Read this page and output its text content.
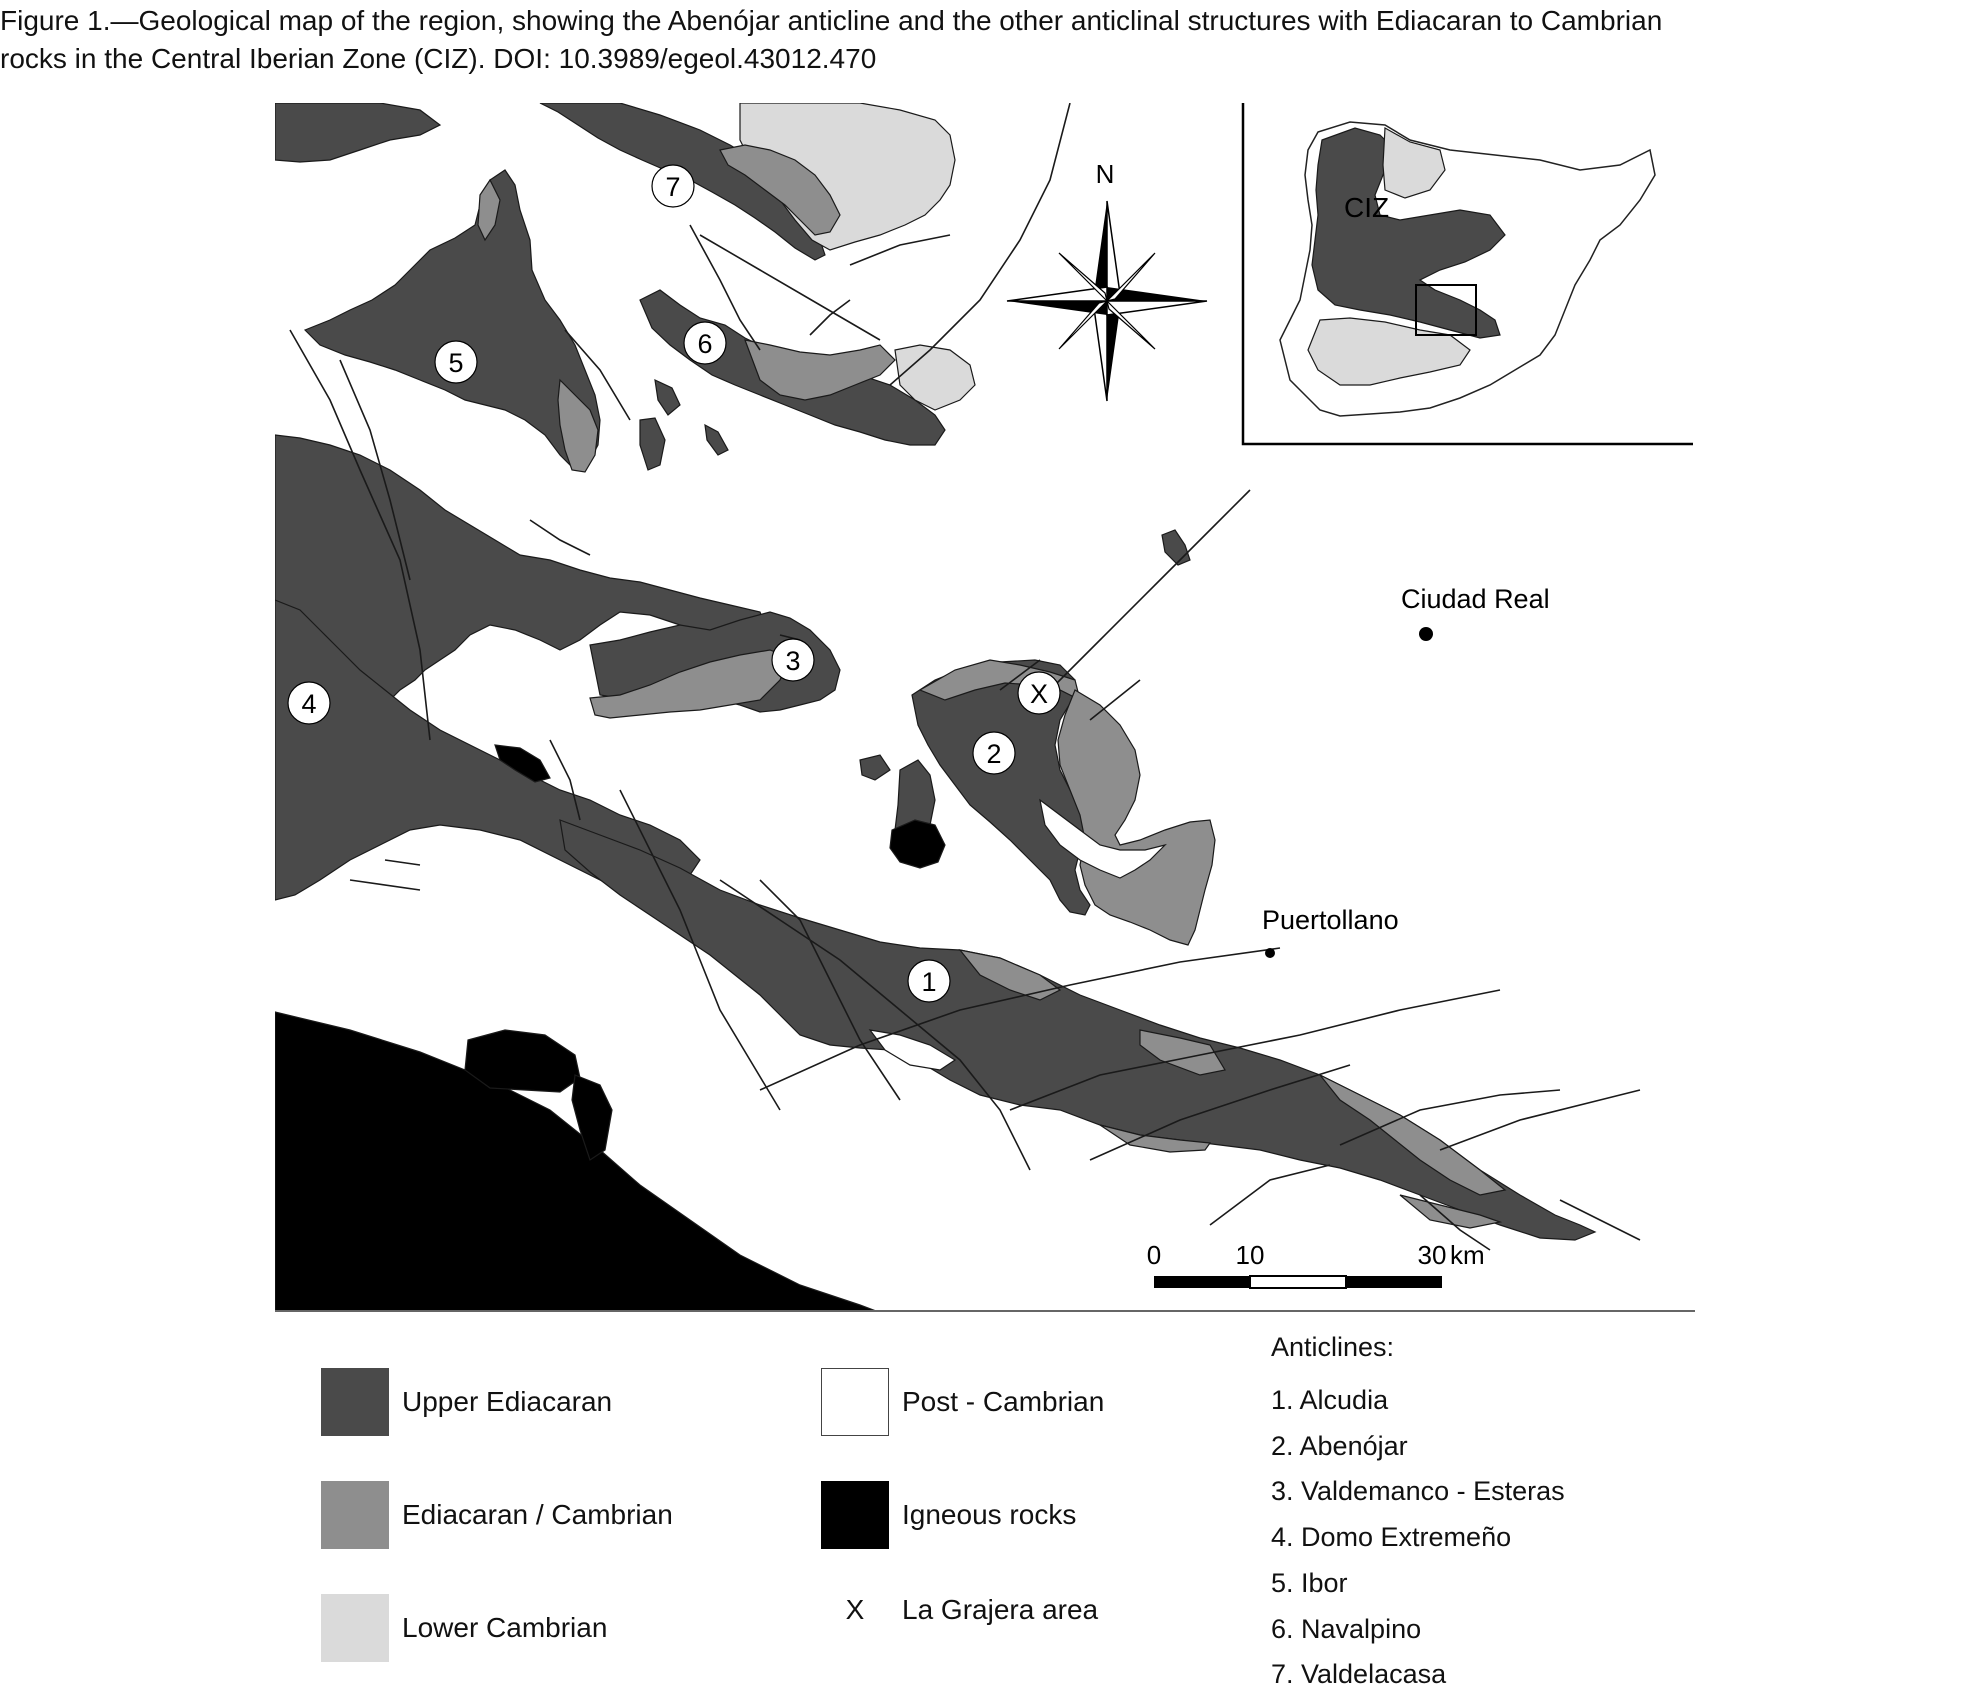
Figure 1.—Geological map of the region, showing the Abenójar anticline and the other anticlinal structures with Ediacaran to Cambrian
rocks in the Central Iberian Zone (CIZ). DOI: 10.3989/egeol.43012.470
N
CIZ
0	10	30 km
Ciudad Real
Puertollano
1
2
3
4
5
6
7
X
Upper Ediacaran
Ediacaran / Cambrian
Lower Cambrian
Post - Cambrian
Igneous rocks
X	La Grajera area
Anticlines:
1. Alcudia
2. Abenójar
3. Valdemanco - Esteras
4. Domo Extremeño
5. Ibor
6. Navalpino
7. Valdelacasa
